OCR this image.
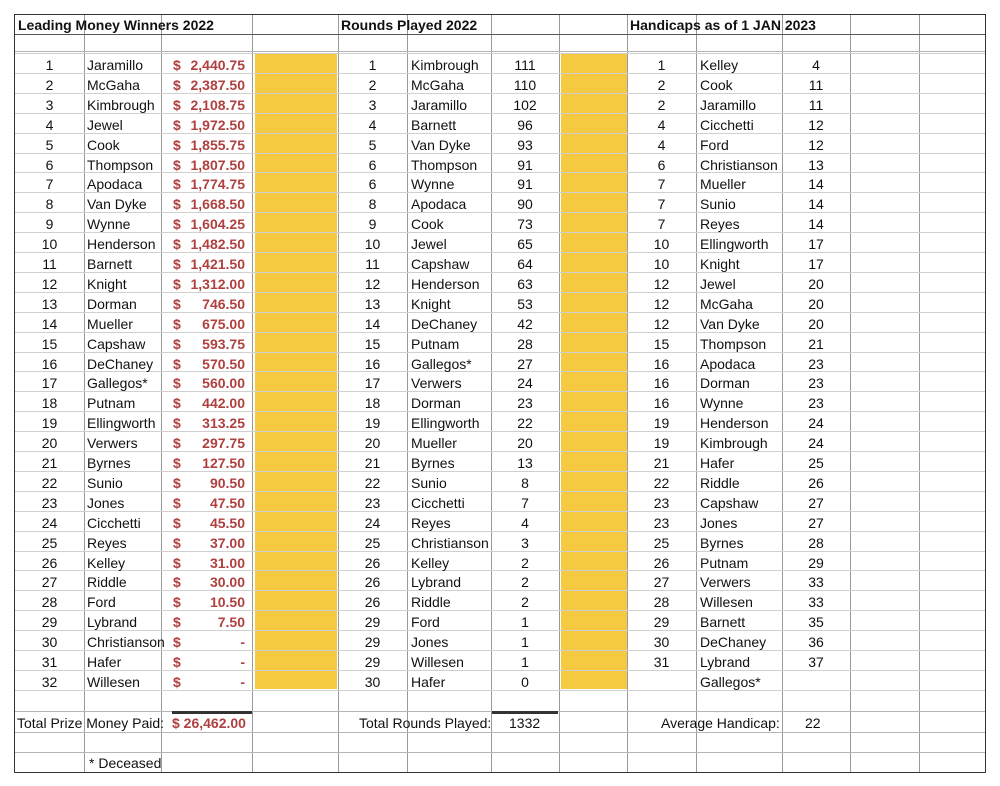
Leading Money Winners 2022	Rounds Played 2022	Handicaps as of 1 JAN 2023
1	Jaramillo	$ 2,440.75
2	McGaha	$ 2,387.50
3	Kimbrough	$ 2,108.75
4	Jewel	$ 1,972.50
5	Cook	$ 1,855.75
6	Thompson	$ 1,807.50
7	Apodaca	$ 1,774.75
8	Van Dyke	$ 1,668.50
9	Wynne	$ 1,604.25
10	Henderson	$ 1,482.50
11	Barnett	$ 1,421.50
12	Knight	$ 1,312.00
13	Dorman	$ 746.50
14	Mueller	$ 675.00
15	Capshaw	$ 593.75
16	DeChaney	$ 570.50
17	Gallegos*	$ 560.00
18	Putnam	$ 442.00
19	Ellingworth	$ 313.25
20	Verwers	$ 297.75
21	Byrnes	$ 127.50
22	Sunio	$ 90.50
23	Jones	$ 47.50
24	Cicchetti	$ 45.50
25	Reyes	$ 37.00
26	Kelley	$ 31.00
27	Riddle	$ 30.00
28	Ford	$ 10.50
29	Lybrand	$	7.50
30	Christianson $	-
31	Hafer	$	-
32	Willesen	$	-
1	Kimbrough	111
2	McGaha	110
3	Jaramillo	102
4	Barnett	96
5	Van Dyke	93
6	Thompson	91
6	Wynne	91
8	Apodaca	90
9	Cook	73
10	Jewel	65
11	Capshaw	64
12	Henderson	63
13	Knight	53
14	DeChaney	42
15	Putnam	28
16	Gallegos*	27
17	Verwers	24
18	Dorman	23
19	Ellingworth	22
20	Mueller	20
21	Byrnes	13
22	Sunio	8
23	Cicchetti	7
24	Reyes	4
25	Christianson	3
26	Kelley	2
26	Lybrand	2
26	Riddle	2
29	Ford	1
29	Jones	1
29	Willesen	1
30	Hafer	0
1	Kelley	4
2	Cook	11
2	Jaramillo	11
4	Cicchetti	12
4	Ford	12
6	Christianson	13
7	Mueller	14
7	Sunio	14
7	Reyes	14
10	Ellingworth	17
10	Knight	17
12	Jewel	20
12	McGaha	20
12	Van Dyke	20
15	Thompson	21
16	Apodaca	23
16	Dorman	23
16	Wynne	23
19	Henderson	24
19	Kimbrough	24
21	Hafer	25
22	Riddle	26
23	Capshaw	27
23	Jones	27
25	Byrnes	28
26	Putnam	29
27	Verwers	33
28	Willesen	33
29	Barnett	35
30	DeChaney	36
31	Lybrand	37
Gallegos*
Total Prize Money Paid: $ 26,462.00	Total Rounds Played: 1332	Average Handicap: 22
* Deceased
